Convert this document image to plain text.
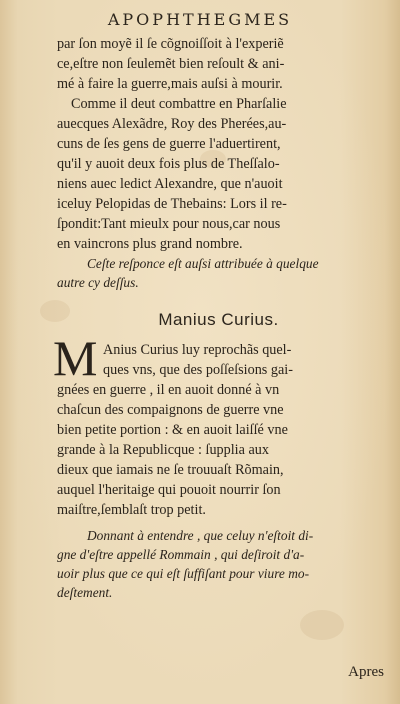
APOPHTHEGMES
par ſon moyẽ il ſe cõgnoiſſoit à l'experiẽ
ce,eſtre non ſeulemẽt bien reſoult & ani-
mé à faire la guerre,mais auſsi à mourir.
Comme il deut combattre en Pharſalie
auecques Alexãdre, Roy des Pherées,au-
cuns de ſes gens de guerre l'aduertirent,
qu'il y auoit deux fois plus de Theſſalo-
niens auec ledict Alexandre, que n'auoit
iceluy Pelopidas de Thebains: Lors il re-
ſpondit:Tant mieulx pour nous,car nous
en vaincrons plus grand nombre.
Ceſte reſponce eſt auſsi attribuée à quelque
autre cy deſſus.
Manius Curius.
M Anius Curius luy reprochãs quel-
ques vns, que des poſſeſsions gai-
gnées en guerre , il en auoit donné à vn
chaſcun des compaignons de guerre vne
bien petite portion : & en auoit laiſſé vne
grande à la Republicque : ſupplia aux
dieux que iamais ne ſe trouuaſt Rõmain,
auquel l'heritaige qui pouoit nourrir ſon
maiſtre,ſemblaſt trop petit.
Donnant à entendre , que celuy n'eſtoit di-
gne d'eſtre appellé Rommain , qui deſiroit d'a-
uoir plus que ce qui eſt ſuffiſant pour viure mo-
deſtement.
Apres
